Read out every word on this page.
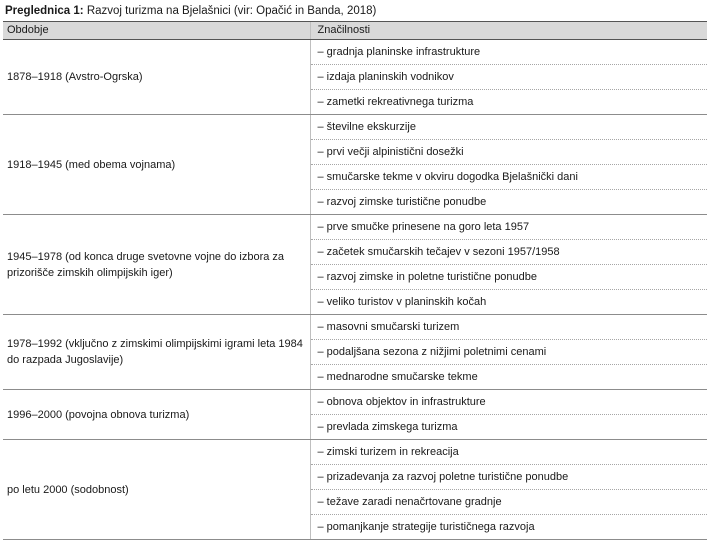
Preglednica 1: Razvoj turizma na Bjelašnici (vir: Opačić in Banda, 2018)
Obdobje	Značilnosti
1878–1918 (Avstro-Ogrska)	– gradnja planinske infrastrukture
	– izdaja planinskih vodnikov
	– zametki rekreativnega turizma
1918–1945 (med obema vojnama)	– številne ekskurzije
	– prvi večji alpinistični dosežki
	– smučarske tekme v okviru dogodka Bjelašnički dani
	– razvoj zimske turistične ponudbe
1945–1978 (od konca druge svetovne vojne do izbora za prizorišče zimskih olimpijskih iger)	– prve smučke prinesene na goro leta 1957
	– začetek smučarskih tečajev v sezoni 1957/1958
	– razvoj zimske in poletne turistične ponudbe
	– veliko turistov v planinskih kočah
1978–1992 (vključno z zimskimi olimpijskimi igrami leta 1984 do razpada Jugoslavije)	– masovni smučarski turizem
	– podaljšana sezona z nižjimi poletnimi cenami
	– mednarodne smučarske tekme
1996–2000 (povojna obnova turizma)	– obnova objektov in infrastrukture
	– prevlada zimskega turizma
po letu 2000 (sodobnost)	– zimski turizem in rekreacija
	– prizadevanja za razvoj poletne turistične ponudbe
	– težave zaradi nenačrtovane gradnje
	– pomanjkanje strategije turističnega razvoja
